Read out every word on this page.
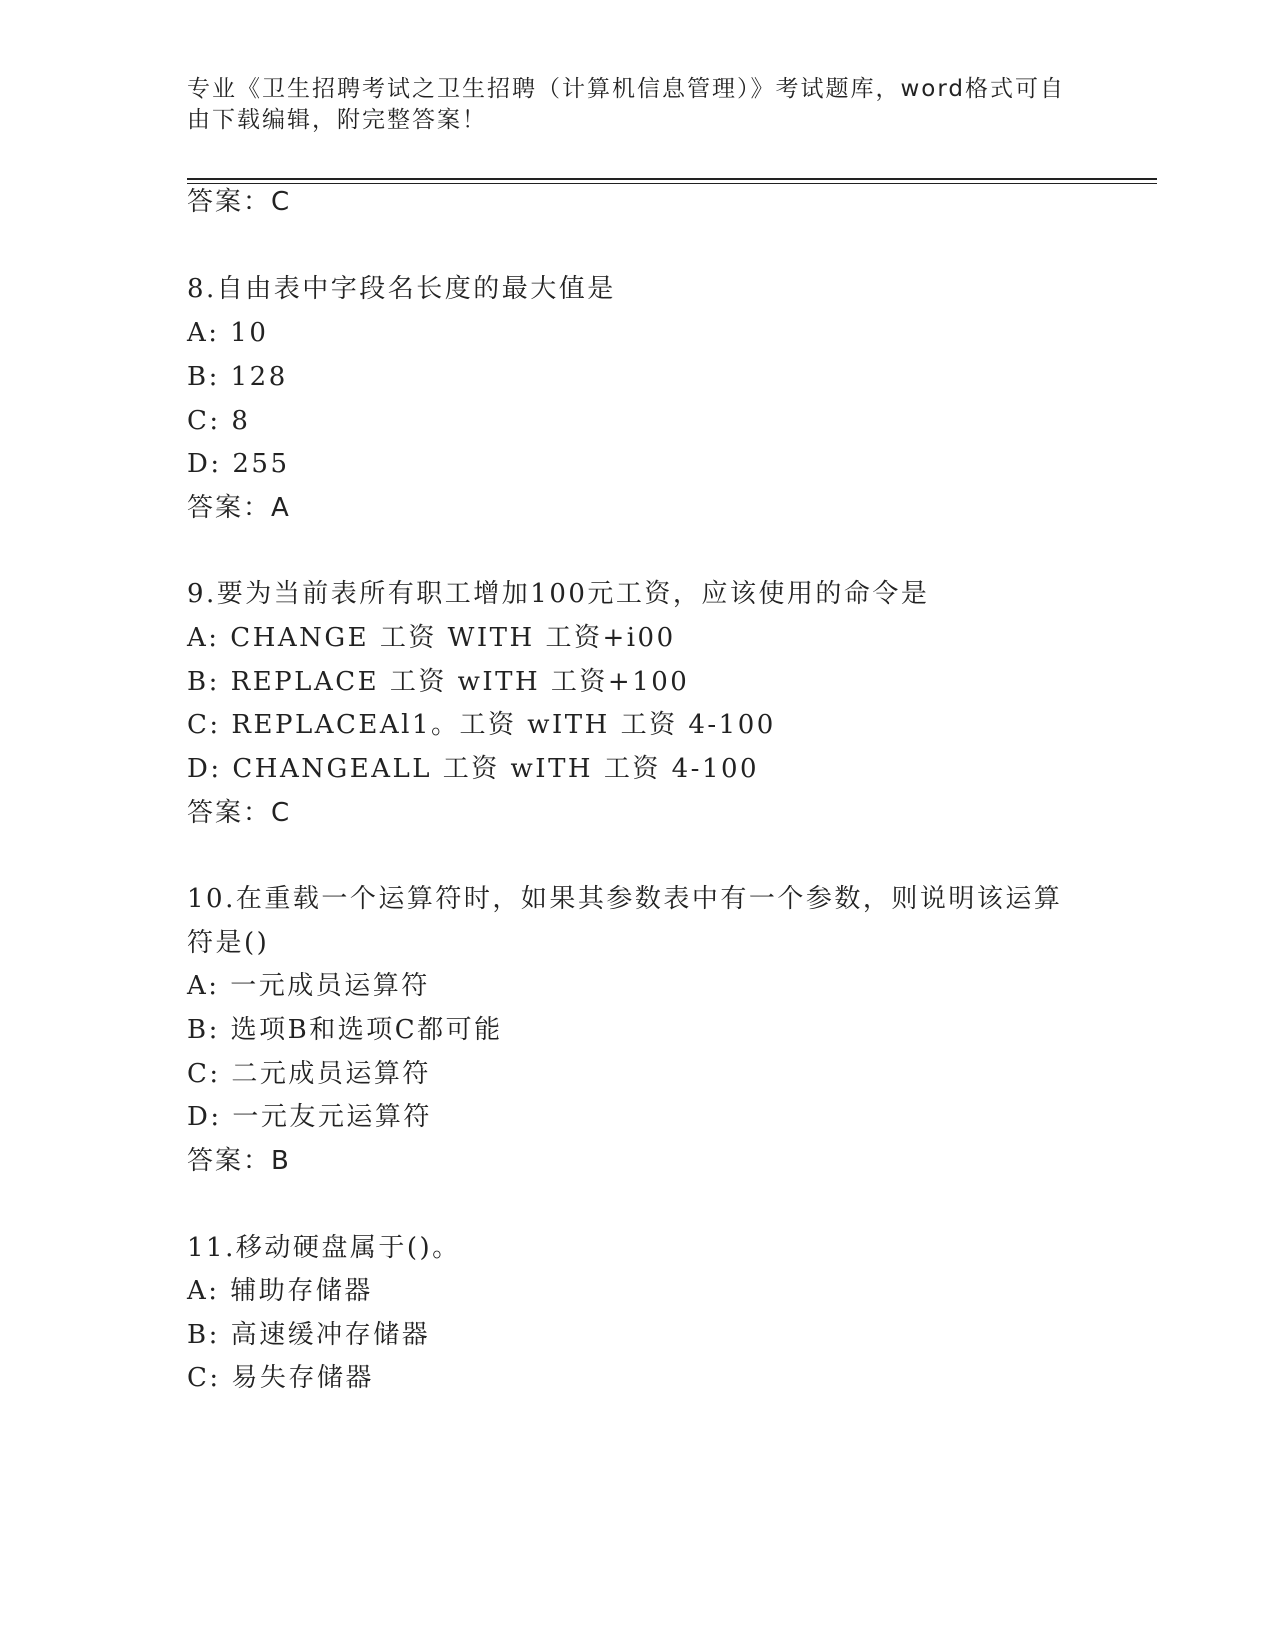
专业《卫生招聘考试之卫生招聘（计算机信息管理）》考试题库，word格式可自由下载编辑，附完整答案！
答案：C
8.自由表中字段名长度的最大值是
A: 10
B: 128
C: 8
D: 255
答案：A
9.要为当前表所有职工增加100元工资，应该使用的命令是
A: CHANGE 工资 WITH 工资+i00
B: REPLACE 工资 wITH 工资+100
C: REPLACEAl1。工资 wITH 工资 4-100
D: CHANGEALL 工资 wITH 工资 4-100
答案：C
10.在重载一个运算符时，如果其参数表中有一个参数，则说明该运算符是()
A: 一元成员运算符
B: 选项B和选项C都可能
C: 二元成员运算符
D: 一元友元运算符
答案：B
11.移动硬盘属于()。
A: 辅助存储器
B: 高速缓冲存储器
C: 易失存储器
